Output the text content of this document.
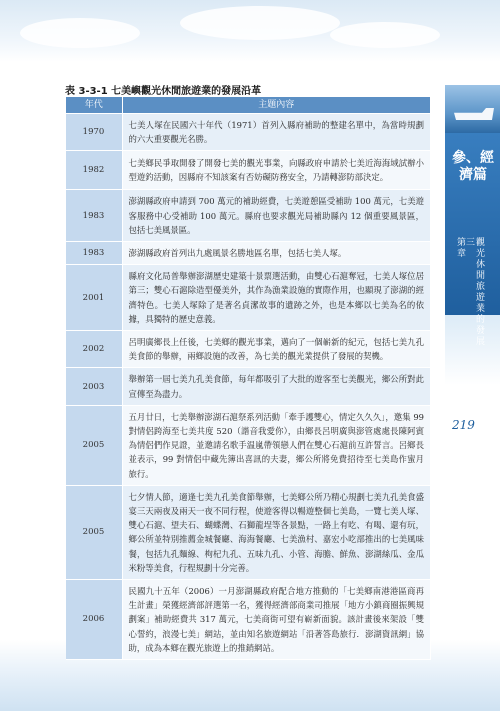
參、經濟篇
第三章
觀光休閒旅遊業的發展
219
表 3-3-1 七美嶼觀光休閒旅遊業的發展沿革
年代	主題內容
1970	七美人塚在民國六十年代（1971）首列入縣府補助的整建名單中，為當時規劃的六大重要觀光名勝。
1982	七美鄉民爭取開發了開發七美的觀光事業，向縣政府申請於七美近海海域試辦小型遊釣活動，因縣府不知該案有否妨礙防務安全，乃請轉澎防部決定。
1983	澎湖縣政府申請到 700 萬元的補助經費，七美遊憩區受補助 100 萬元，七美遊客服務中心受補助 100 萬元。縣府也要求觀光局補助縣內 12 個重要風景區，包括七美風景區。
1983	澎湖縣政府首列出九處風景名勝地區名單，包括七美人塚。
2001	縣府文化局普舉辦澎湖歷史建築十景票選活動，由雙心石滬奪冠，七美人塚位居第三；雙心石滬除造型優美外，其作為漁業設施的實際作用，也顯現了澎湖的經濟特色。七美人塚除了是著名貞潔故事的遺跡之外，也是本鄉以七美為名的依據，具獨特的歷史意義。
2002	呂明廣鄉長上任後，七美鄉的觀光事業，邁向了一個嶄新的紀元，包括七美九孔美食節的舉辦，兩鄉設施的改善，為七美的觀光業提供了發展的契機。
2003	舉辦第一屆七美九孔美食節，每年都吸引了大批的遊客至七美觀光，鄉公所對此宣傳至為盡力。
2005	五月廿日，七美舉辦澎湖石滬祭系列活動「牽手護雙心，情定久久久」，邀集 99 對情侶跨海至七美共度 520（諧音我愛你），由鄉長呂明廣與澎管處處長陳阿賓為情侶們作見證，並邀請名歌手温嵐帶領戀人們在雙心石滬前互許誓言。呂鄉長並表示，99 對情侶中藏先簿出喜訊的夫妻，鄉公所將免費招待至七美島作蜜月旅行。
2005	七夕情人節，適逢七美九孔美食節舉辦，七美鄉公所乃精心規劃七美九孔美食盛宴三天兩夜及兩天一夜不同行程，使遊客得以暢遊整個七美島，一覽七美人塚、雙心石滬、望夫石、蝴蝶灣、石獅龍埕等各景點，一路上有吃、有喝、還有玩，鄉公所並特別推薦金城餐廳、海海餐廳、七美漁村、嘉宏小吃部推出的七美風味餐，包括九孔麵線、枸杞九孔、五味九孔、小管、海膽、鮮魚、澎湖絲瓜、金瓜米粉等美食，行程規劃十分完善。
2006	民國九十五年（2006）一月澎湖縣政府配合地方推動的「七美鄉南港港區商再生計畫」榮獲經濟部評選第一名，獲得經濟部商業司推展「地方小鎮商圈振興規劃案」補助經費共 317 萬元，七美商街可望有嶄新面貌。該計畫後來架設「雙心誓約，浪漫七美」網站，並由知名旅遊網站「沿著答島旅行．澎湖資訊網」協助，成為本鄉在觀光旅遊上的推銷網站。
